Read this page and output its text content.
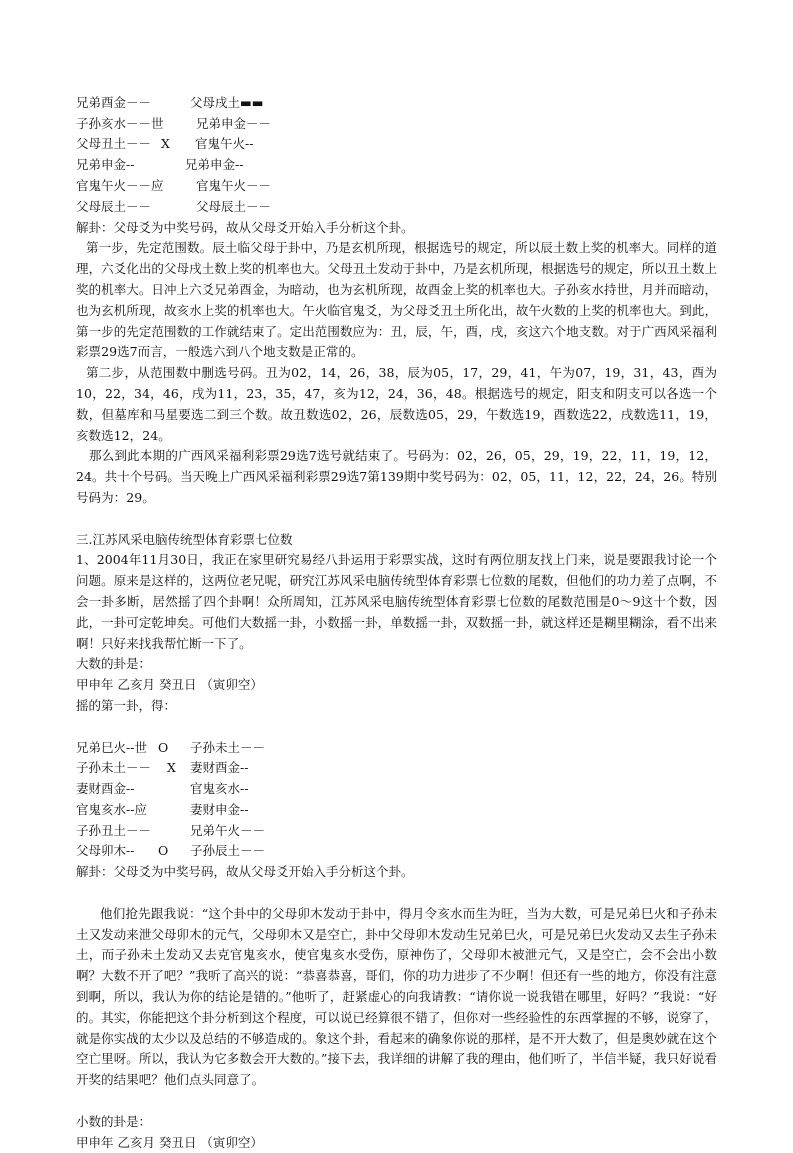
兄弟酉金－－	父母戌土▬▬
子孙亥水－－世	兄弟申金－－
父母丑土－－ X 官鬼午火--
兄弟申金--	兄弟申金--
官鬼午火－－应	官鬼午火－－
父母辰土－－	父母辰土－－
解卦：父母爻为中奖号码，故从父母爻开始入手分析这个卦。

第一步，先定范围数。辰土临父母于卦中，乃是玄机所现，根据选号的规定，所以辰土数上奖的机率大。同样的道理，六爻化出的父母戌土数上奖的机率也大。父母丑土发动于卦中，乃是玄机所现，根据选号的规定，所以丑土数上奖的机率大。日冲上六爻兄弟酉金，为暗动，也为玄机所现，故酉金上奖的机率也大。子孙亥水持世，月并而暗动，也为玄机所现，故亥水上奖的机率也大。午火临官鬼爻，为父母爻丑土所化出，故午火数的上奖的机率也大。到此，第一步的先定范围数的工作就结束了。定出范围数应为：丑，辰，午，酉，戌，亥这六个地支数。对于广西风采福利彩票29选7而言，一般选六到八个地支数是正常的。

第二步，从范围数中删选号码。丑为02，14，26，38，辰为05，17，29，41，午为07，19，31，43，酉为10，22，34，46，戌为11，23，35，47，亥为12，24，36，48。根据选号的规定，阳支和阴支可以各选一个数，但墓库和马星要选二到三个数。故丑数选02，26，辰数选05，29，午数选19，酉数选22，戌数选11，19，亥数选12，24。

那么到此本期的广西风采福利彩票29选7选号就结束了。号码为：02，26，05，29，19，22，11，19，12，24。共十个号码。当天晚上广西风采福利彩票29选7第139期中奖号码为：02，05，11，12，22，24，26。特别号码为：29。

三.江苏风采电脑传统型体育彩票七位数

1、2004年11月30日，我正在家里研究易经八卦运用于彩票实战，这时有两位朋友找上门来，说是要跟我讨论一个问题。原来是这样的，这两位老兄呢，研究江苏风采电脑传统型体育彩票七位数的尾数，但他们的功力差了点啊，不会一卦多断，居然摇了四个卦啊！众所周知，江苏风采电脑传统型体育彩票七位数的尾数范围是0～9这十个数，因此，一卦可定乾坤矣。可他们大数摇一卦，小数摇一卦，单数摇一卦，双数摇一卦，就这样还是糊里糊涂，看不出来啊！只好来找我帮忙断一下了。

大数的卦是：
甲申年 乙亥月 癸丑日 （寅卯空）
摇的第一卦，得：

兄弟巳火--世 O 子孙未土－－
子孙未土－－ X 妻财酉金--
妻财酉金--	官鬼亥水--
官鬼亥水--应	妻财申金--
子孙丑土－－	兄弟午火－－
父母卯木-- O 子孙辰土－－
解卦：父母爻为中奖号码，故从父母爻开始入手分析这个卦。

他们抢先跟我说：“这个卦中的父母卯木发动于卦中，得月令亥水而生为旺，当为大数，可是兄弟巳火和子孙未土又发动来泄父母卯木的元气，父母卯木又是空亡，卦中父母卯木发动生兄弟巳火，可是兄弟巳火发动又去生子孙未土，而子孙未土发动又去克官鬼亥水，使官鬼亥水受伤，原神伤了，父母卯木被泄元气，又是空亡，会不会出小数啊？大数不开了吧？”我听了高兴的说：“恭喜恭喜，哥们，你的功力进步了不少啊！但还有一些的地方，你没有注意到啊，所以，我认为你的结论是错的。”他听了，赶紧虚心的向我请教：“请你说一说我错在哪里，好吗？”我说：“好的。其实，你能把这个卦分析到这个程度，可以说已经算很不错了，但你对一些经验性的东西掌握的不够，说穿了，就是你实战的太少以及总结的不够造成的。象这个卦，看起来的确象你说的那样，是不开大数了，但是奥妙就在这个空亡里呀。所以，我认为它多数会开大数的。”接下去，我详细的讲解了我的理由，他们听了，半信半疑，我只好说看开奖的结果吧？他们点头同意了。

小数的卦是：
甲申年 乙亥月 癸丑日 （寅卯空）
